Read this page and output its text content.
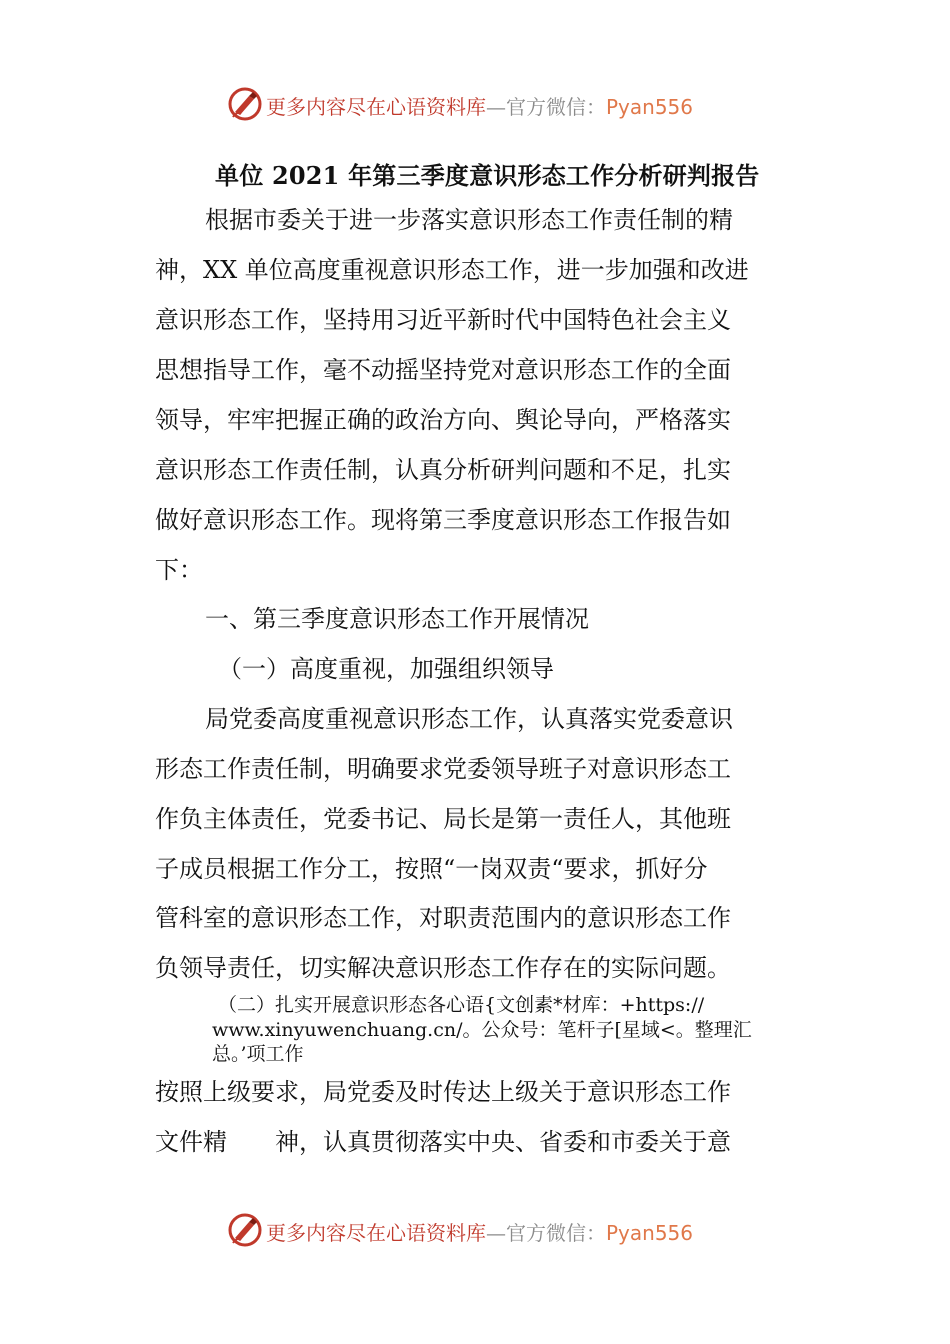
更多内容尽在心语资料库—官方微信：Pyan556
单位 2021 年第三季度意识形态工作分析研判报告
根据市委关于进一步落实意识形态工作责任制的精
神，XX 单位高度重视意识形态工作，进一步加强和改进
意识形态工作，坚持用习近平新时代中国特色社会主义
思想指导工作，毫不动摇坚持党对意识形态工作的全面
领导，牢牢把握正确的政治方向、舆论导向，严格落实
意识形态工作责任制，认真分析研判问题和不足，扎实
做好意识形态工作。现将第三季度意识形态工作报告如
下：
一、第三季度意识形态工作开展情况
（一）高度重视，加强组织领导
局党委高度重视意识形态工作，认真落实党委意识
形态工作责任制，明确要求党委领导班子对意识形态工
作负主体责任，党委书记、局长是第一责任人，其他班
子成员根据工作分工，按照“一岗双责“要求，抓好分
管科室的意识形态工作，对职责范围内的意识形态工作
负领导责任，切实解决意识形态工作存在的实际问题。
（二）扎实开展意识形态各心语{文创素*材库：+https://
www.xinyuwenchuang.cn/。公众号：笔杆子[星域<。整理汇
总。’项工作
按照上级要求，局党委及时传达上级关于意识形态工作
文件精　　神，认真贯彻落实中央、省委和市委关于意
更多内容尽在心语资料库—官方微信：Pyan556
